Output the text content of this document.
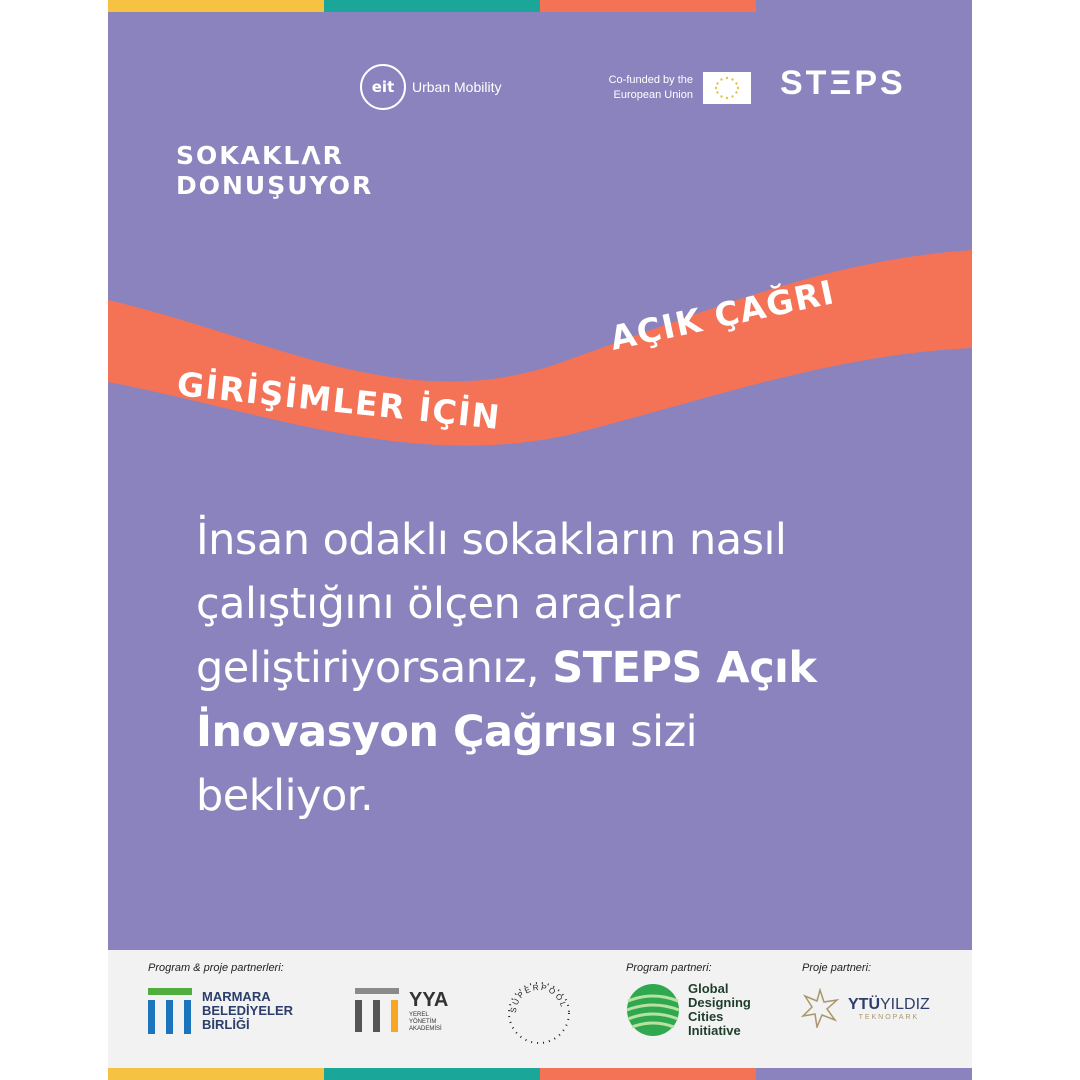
eit	Urban Mobility	Co-funded by the
European Union	STΞPS
SOKAKLΛR
DONUŞUYOR
GİRİŞİMLER İÇİN
AÇIK ÇAĞRI
İnsan odaklı sokakların nasıl
çalıştığını ölçen araçlar
geliştiriyorsanız, STEPS Açık
İnovasyon Çağrısı sizi
bekliyor.
Program & proje partnerleri:	Program partneri:	Proje partneri:
MARMARA
BELEDİYELER
BİRLİĞİ
YYA
YEREL
YÖNETİM
AKADEMİSİ
SUPERPOOL
Global
Designing
Cities
Initiative
YTÜYILDIZ
TEKNOPARK
